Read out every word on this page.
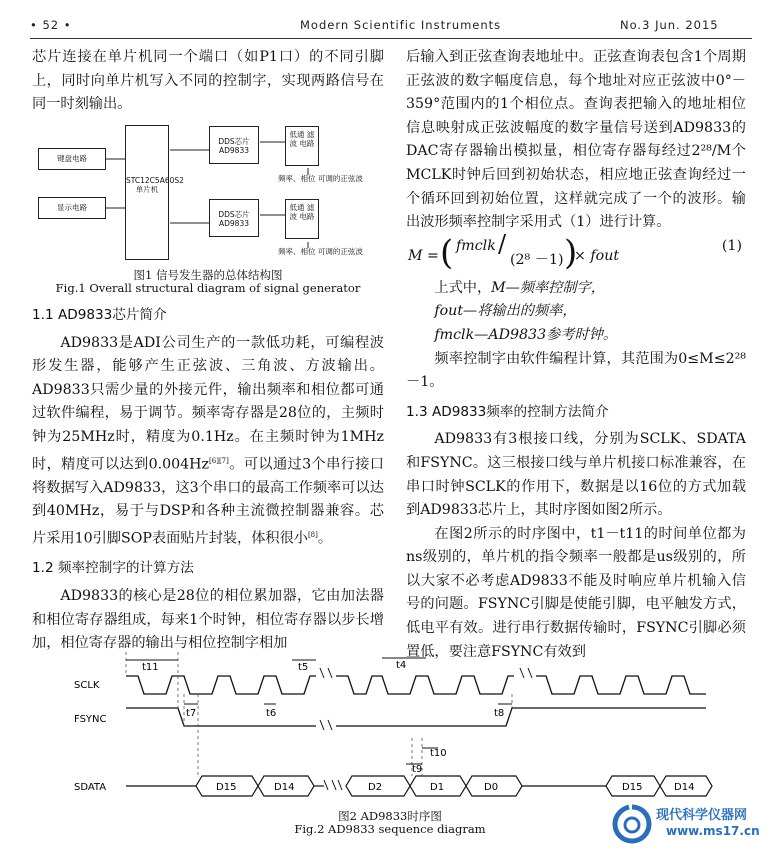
• 52 •	Modern Scientific Instruments	No.3 Jun. 2015

芯片连接在单片机同一个端口（如P1口）的不同引脚上，同时向单片机写入不同的控制字，实现两路信号在同一时刻输出。

键盘电路
显示电路
STC12C5A60S2 单片机
DDS芯片 AD9833
DDS芯片 AD9833
低通 滤波 电路
低通 滤波 电路
频率、相位 可调的正弦波
频率、相位 可调的正弦波
图1 信号发生器的总体结构图
Fig.1 Overall structural diagram of signal generator
1.1 AD9833芯片简介

AD9833是ADI公司生产的一款低功耗，可编程波形发生器，能够产生正弦波、三角波、方波输出。AD9833只需少量的外接元件，输出频率和相位都可通过软件编程，易于调节。频率寄存器是28位的，主频时钟为25MHz时，精度为0.1Hz。在主频时钟为1MHz时，精度可以达到0.004Hz[6][7]。可以通过3个串行接口将数据写入AD9833，这3个串口的最高工作频率可以达到40MHz，易于与DSP和各种主流微控制器兼容。芯片采用10引脚SOP表面贴片封装，体积很小[8]。

1.2 频率控制字的计算方法

AD9833的核心是28位的相位累加器，它由加法器和相位寄存器组成，每来1个时钟，相位寄存器以步长增加，相位寄存器的输出与相位控制字相加

后输入到正弦查询表地址中。正弦查询表包含1个周期正弦波的数字幅度信息，每个地址对应正弦波中0°－359°范围内的1个相位点。查询表把输入的地址相位信息映射成正弦波幅度的数字量信号送到AD9833的DAC寄存器输出模拟量，相位寄存器每经过2²⁸/M个MCLK时钟后回到初始状态，相应地正弦查询经过一个循环回到初始位置，这样就完成了一个的波形。输出波形频率控制字采用式（1）进行计算。

M = ( fmclk /
(2⁸ －1) )
× fout
(1)

上式中，M—频率控制字，

fout—将输出的频率，

fmclk—AD9833参考时钟。

频率控制字由软件编程计算，其范围为0≤M≤2²⁸－1。

1.3 AD9833频率的控制方法简介

AD9833有3根接口线，分别为SCLK、SDATA和FSYNC。这三根接口线与单片机接口标准兼容，在串口时钟SCLK的作用下，数据是以16位的方式加载到AD9833芯片上，其时序图如图2所示。

在图2所示的时序图中，t1－t11的时间单位都为ns级别的，单片机的指令频率一般都是us级别的，所以大家不必考虑AD9833不能及时响应单片机输入信号的问题。FSYNC引脚是使能引脚，电平触发方式，低电平有效。进行串行数据传输时，FSYNC引脚必须置低，要注意FSYNC有效到

SCLK
FSYNC
SDATA
t11	t5	t4
t7	t6	t8
t9
t10
D15	D14	D2	D1	D0	D15	D14
图2 AD9833时序图
Fig.2 AD9833 sequence diagram
现代科学仪器网
www.ms17.cn
